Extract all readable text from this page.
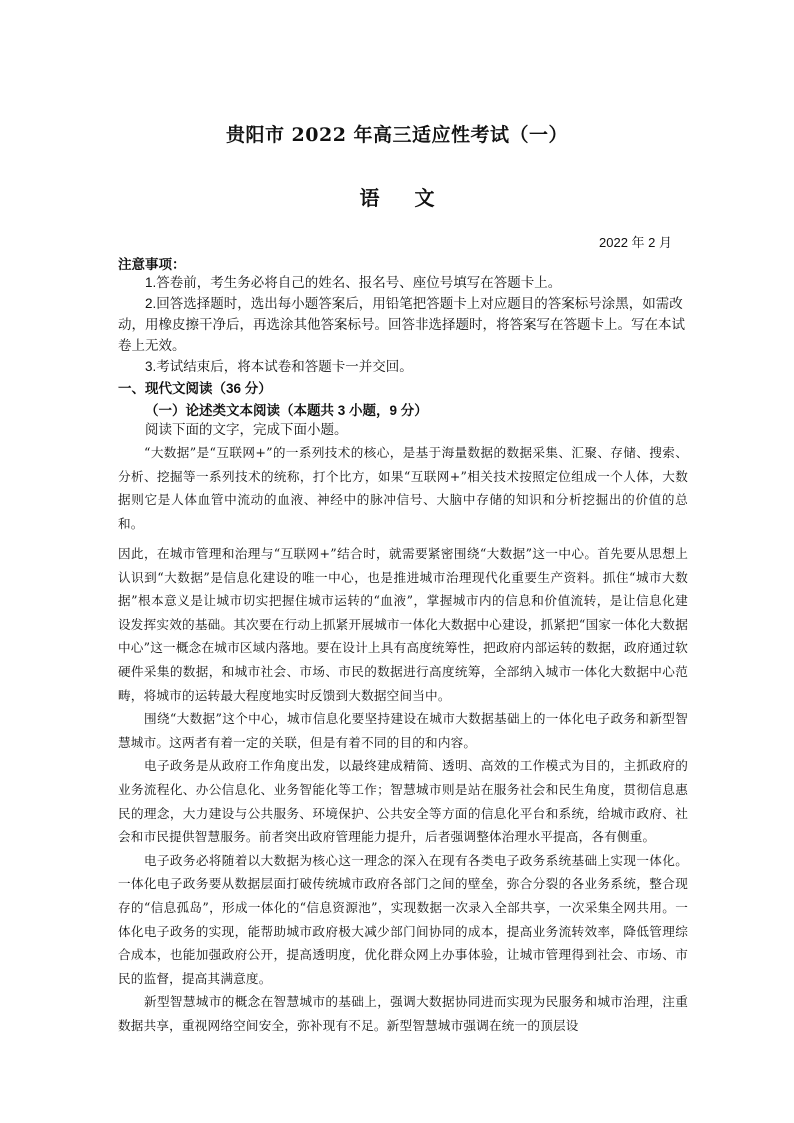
贵阳市 2022 年高三适应性考试（一）
语 文
2022 年 2 月
注意事项：
1.答卷前，考生务必将自己的姓名、报名号、座位号填写在答题卡上。
2.回答选择题时，选出每小题答案后，用铅笔把答题卡上对应题目的答案标号涂黑，如需改动，用橡皮擦干净后，再选涂其他答案标号。回答非选择题时，将答案写在答题卡上。写在本试卷上无效。
3.考试结束后，将本试卷和答题卡一并交回。
一、现代文阅读（36 分）
（一）论述类文本阅读（本题共 3 小题，9 分）
阅读下面的文字，完成下面小题。

“大数据”是“互联网+”的一系列技术的核心，是基于海量数据的数据采集、汇聚、存储、搜索、分析、挖掘等一系列技术的统称，打个比方，如果“互联网+”相关技术按照定位组成一个人体，大数据则它是人体血管中流动的血液、神经中的脉冲信号、大脑中存储的知识和分析挖掘出的价值的总和。

因此，在城市管理和治理与“互联网+”结合时，就需要紧密围绕“大数据”这一中心。首先要从思想上认识到“大数据”是信息化建设的唯一中心，也是推进城市治理现代化重要生产资料。抓住“城市大数据”根本意义是让城市切实把握住城市运转的“血液”，掌握城市内的信息和价值流转，是让信息化建设发挥实效的基础。其次要在行动上抓紧开展城市一体化大数据中心建设，抓紧把“国家一体化大数据中心”这一概念在城市区域内落地。要在设计上具有高度统筹性，把政府内部运转的数据，政府通过软硬件采集的数据，和城市社会、市场、市民的数据进行高度统筹，全部纳入城市一体化大数据中心范畴，将城市的运转最大程度地实时反馈到大数据空间当中。

围绕“大数据”这个中心，城市信息化要坚持建设在城市大数据基础上的一体化电子政务和新型智慧城市。这两者有着一定的关联，但是有着不同的目的和内容。

电子政务是从政府工作角度出发，以最终建成精简、透明、高效的工作模式为目的，主抓政府的业务流程化、办公信息化、业务智能化等工作；智慧城市则是站在服务社会和民生角度，贯彻信息惠民的理念，大力建设与公共服务、环境保护、公共安全等方面的信息化平台和系统，给城市政府、社会和市民提供智慧服务。前者突出政府管理能力提升，后者强调整体治理水平提高，各有侧重。

电子政务必将随着以大数据为核心这一理念的深入在现有各类电子政务系统基础上实现一体化。一体化电子政务要从数据层面打破传统城市政府各部门之间的壁垒，弥合分裂的各业务系统，整合现存的“信息孤岛”，形成一体化的“信息资源池”，实现数据一次录入全部共享，一次采集全网共用。一体化电子政务的实现，能帮助城市政府极大减少部门间协同的成本，提高业务流转效率，降低管理综合成本，也能加强政府公开，提高透明度，优化群众网上办事体验，让城市管理得到社会、市场、市民的监督，提高其满意度。

新型智慧城市的概念在智慧城市的基础上，强调大数据协同进而实现为民服务和城市治理，注重数据共享，重视网络空间安全，弥补现有不足。新型智慧城市强调在统一的顶层设
